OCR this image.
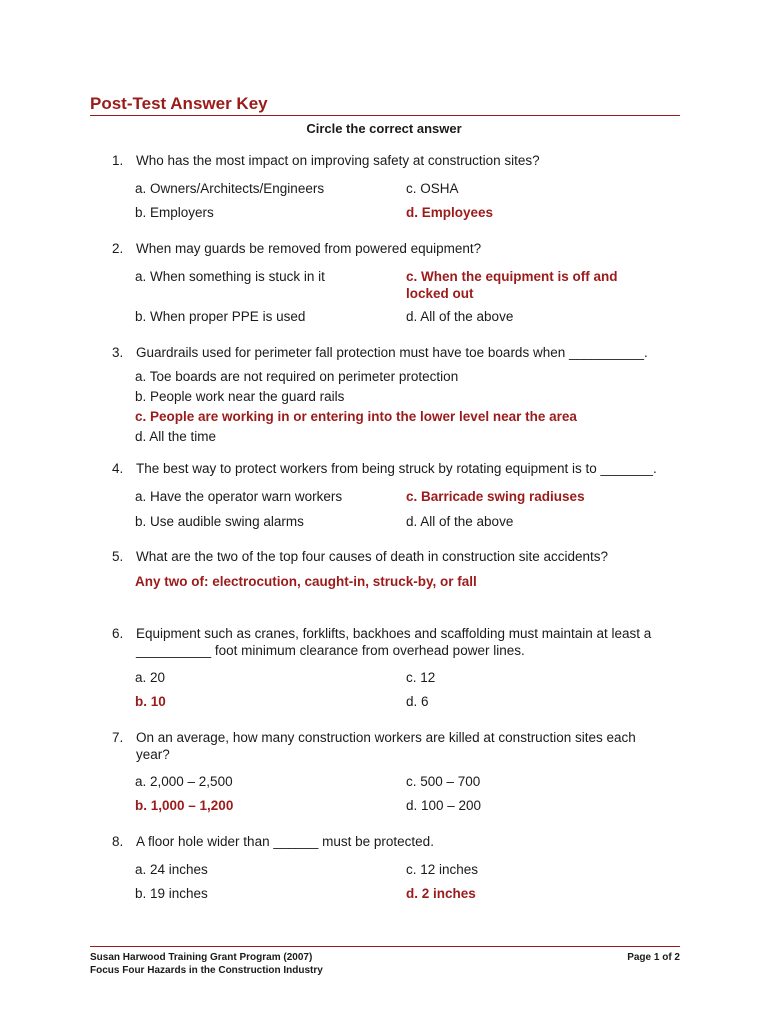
Post-Test Answer Key
Circle the correct answer
1. Who has the most impact on improving safety at construction sites?
a. Owners/Architects/Engineers	c. OSHA
b. Employers	d. Employees
2. When may guards be removed from powered equipment?
a. When something is stuck in it	c. When the equipment is off and locked out
b. When proper PPE is used	d. All of the above
3. Guardrails used for perimeter fall protection must have toe boards when __________.
a. Toe boards are not required on perimeter protection
b. People work near the guard rails
c. People are working in or entering into the lower level near the area
d. All the time
4. The best way to protect workers from being struck by rotating equipment is to _______.
a. Have the operator warn workers	c. Barricade swing radiuses
b. Use audible swing alarms	d. All of the above
5. What are the two of the top four causes of death in construction site accidents?
Any two of: electrocution, caught-in, struck-by, or fall
6. Equipment such as cranes, forklifts, backhoes and scaffolding must maintain at least a __________ foot minimum clearance from overhead power lines.
a. 20	c. 12
b. 10	d. 6
7. On an average, how many construction workers are killed at construction sites each year?
a. 2,000 – 2,500	c. 500 – 700
b. 1,000 – 1,200	d. 100 – 200
8. A floor hole wider than ______ must be protected.
a. 24 inches	c. 12 inches
b. 19 inches	d. 2 inches
Susan Harwood Training Grant Program (2007)
Focus Four Hazards in the Construction Industry
Page 1 of 2
